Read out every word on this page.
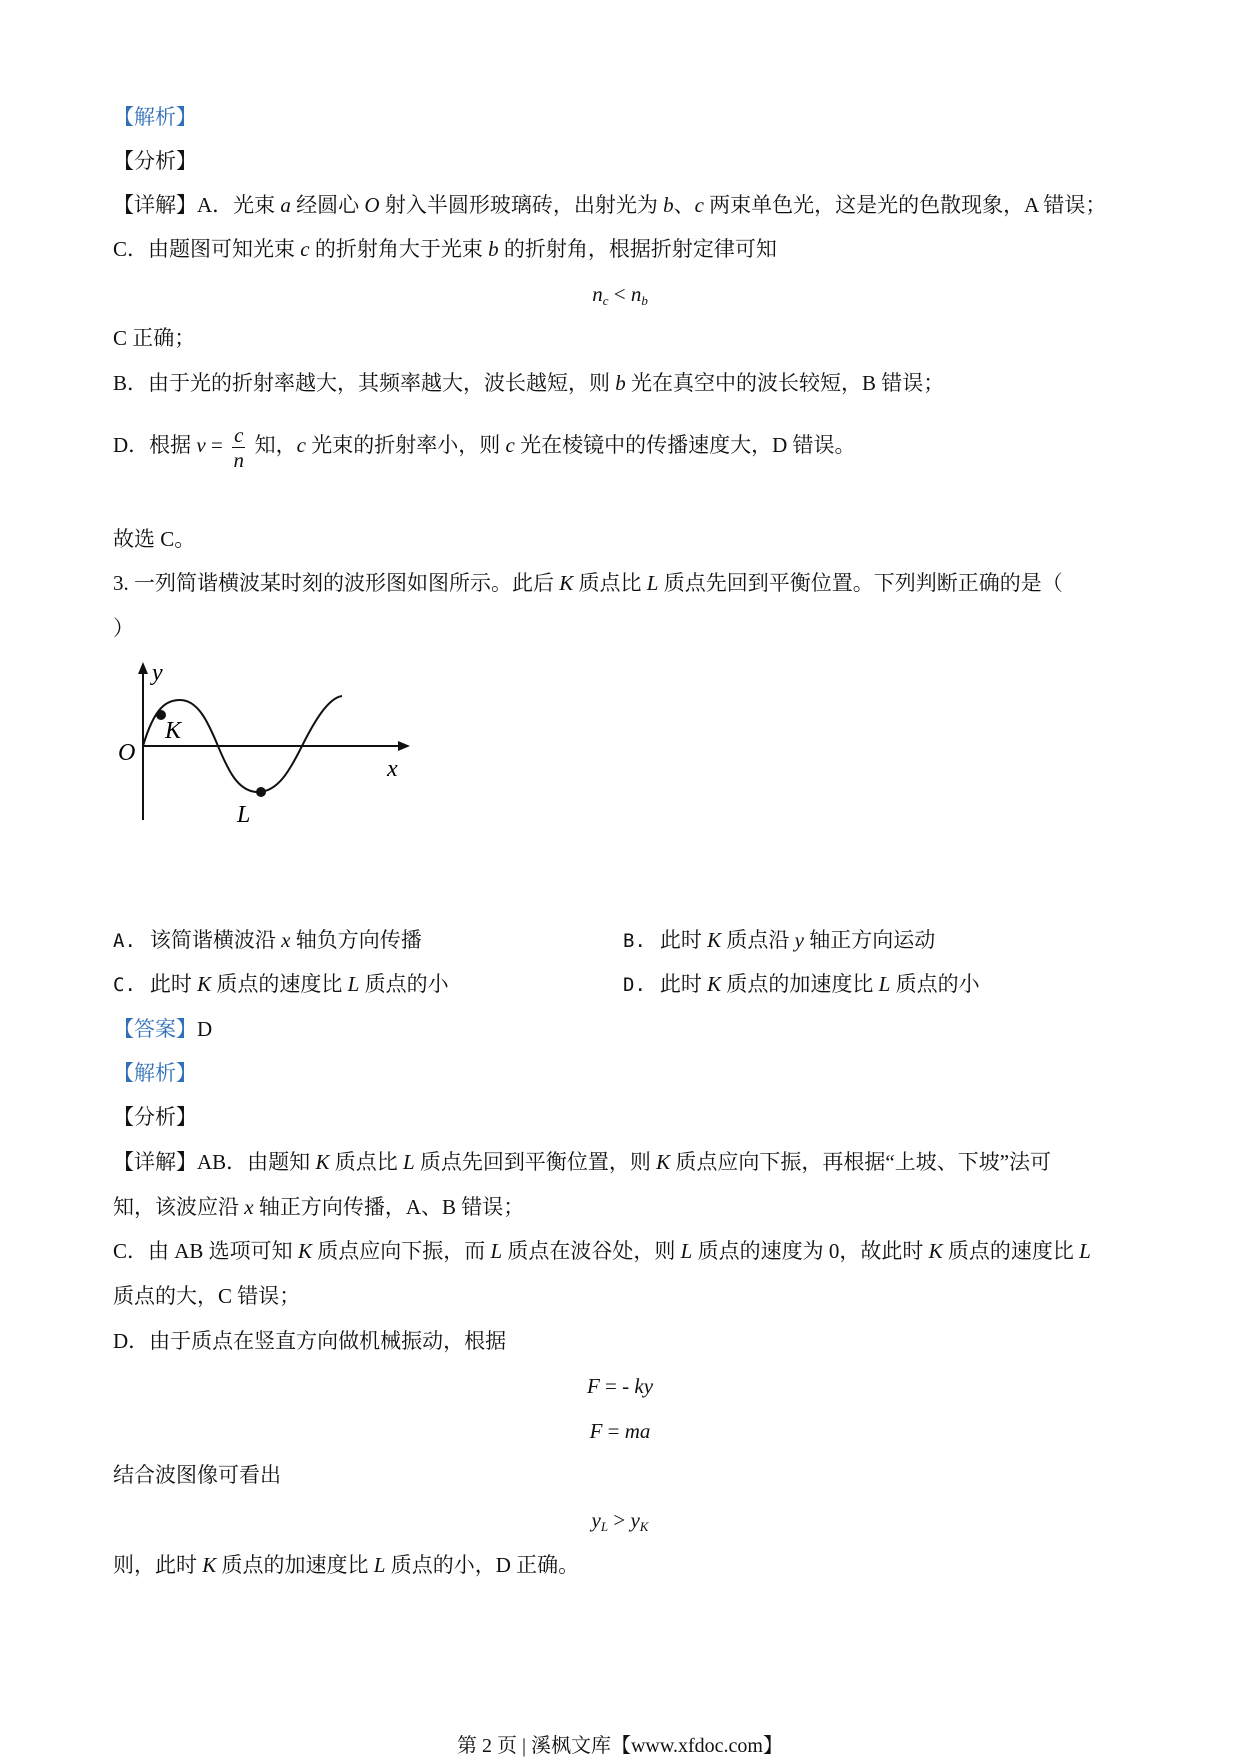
【解析】
【分析】
【详解】A．光束 a 经圆心 O 射入半圆形玻璃砖，出射光为 b、c 两束单色光，这是光的色散现象，A 错误；
C．由题图可知光束 c 的折射角大于光束 b 的折射角，根据折射定律可知
$n_c < n_b$
C 正确；
B．由于光的折射率越大，其频率越大，波长越短，则 b 光在真空中的波长较短，B 错误；
D．根据 $v = \frac{c}{n}$ 知，c 光束的折射率小，则 c 光在棱镜中的传播速度大，D 错误。
故选 C。
3. 一列简谐横波某时刻的波形图如图所示。此后 K 质点比 L 质点先回到平衡位置。下列判断正确的是（
）
y
x
O
K
L
A. 该简谐横波沿 x 轴负方向传播	B. 此时 K 质点沿 y 轴正方向运动
C. 此时 K 质点的速度比 L 质点的小	D. 此时 K 质点的加速度比 L 质点的小
【答案】D
【解析】
【分析】
【详解】AB．由题知 K 质点比 L 质点先回到平衡位置，则 K 质点应向下振，再根据“上坡、下坡”法可
知，该波应沿 x 轴正方向传播，A、B 错误；
C．由 AB 选项可知 K 质点应向下振，而 L 质点在波谷处，则 L 质点的速度为 0，故此时 K 质点的速度比 L
质点的大，C 错误；
D．由于质点在竖直方向做机械振动，根据
F = - ky
F = ma
结合波图像可看出
$y_L > y_K$
则，此时 K 质点的加速度比 L 质点的小，D 正确。
第 2 页 | 溪枫文库【www.xfdoc.com】
